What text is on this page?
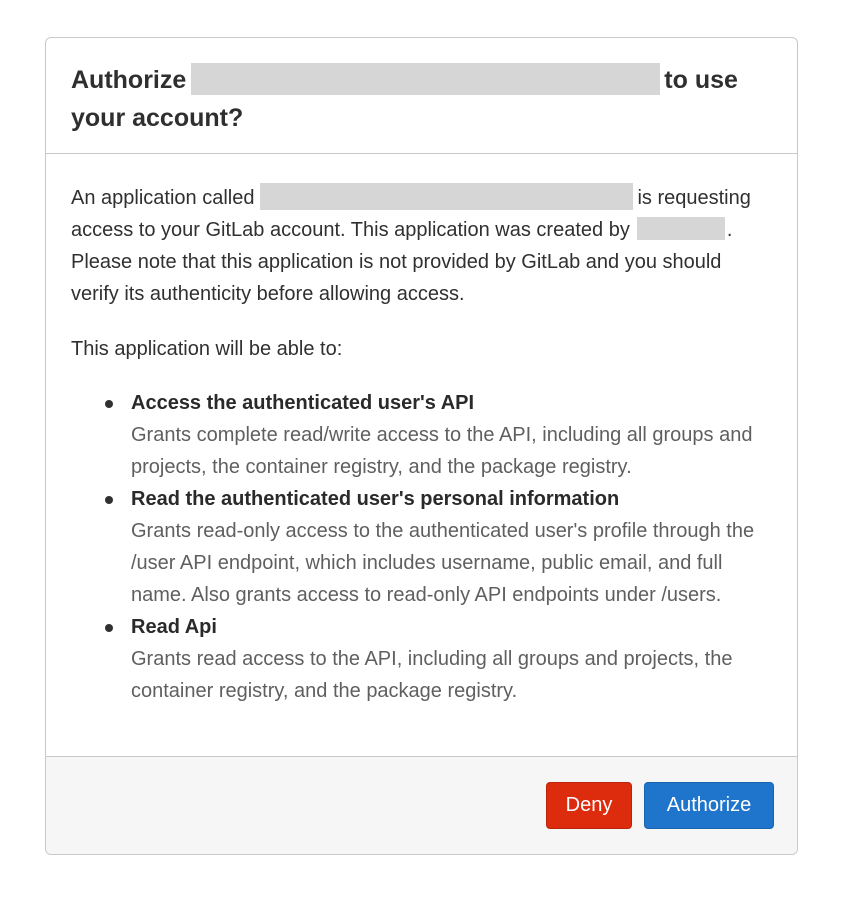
Authorize	to use your account?

An application called	is requesting access to your GitLab account. This application was created by	. Please note that this application is not provided by GitLab and you should verify its authenticity before allowing access.

This application will be able to:

Access the authenticated user's API
Grants complete read/write access to the API, including all groups and projects, the container registry, and the package registry.
Read the authenticated user's personal information
Grants read-only access to the authenticated user's profile through the /user API endpoint, which includes username, public email, and full name. Also grants access to read-only API endpoints under /users.
Read Api
Grants read access to the API, including all groups and projects, the container registry, and the package registry.
Deny	Authorize
